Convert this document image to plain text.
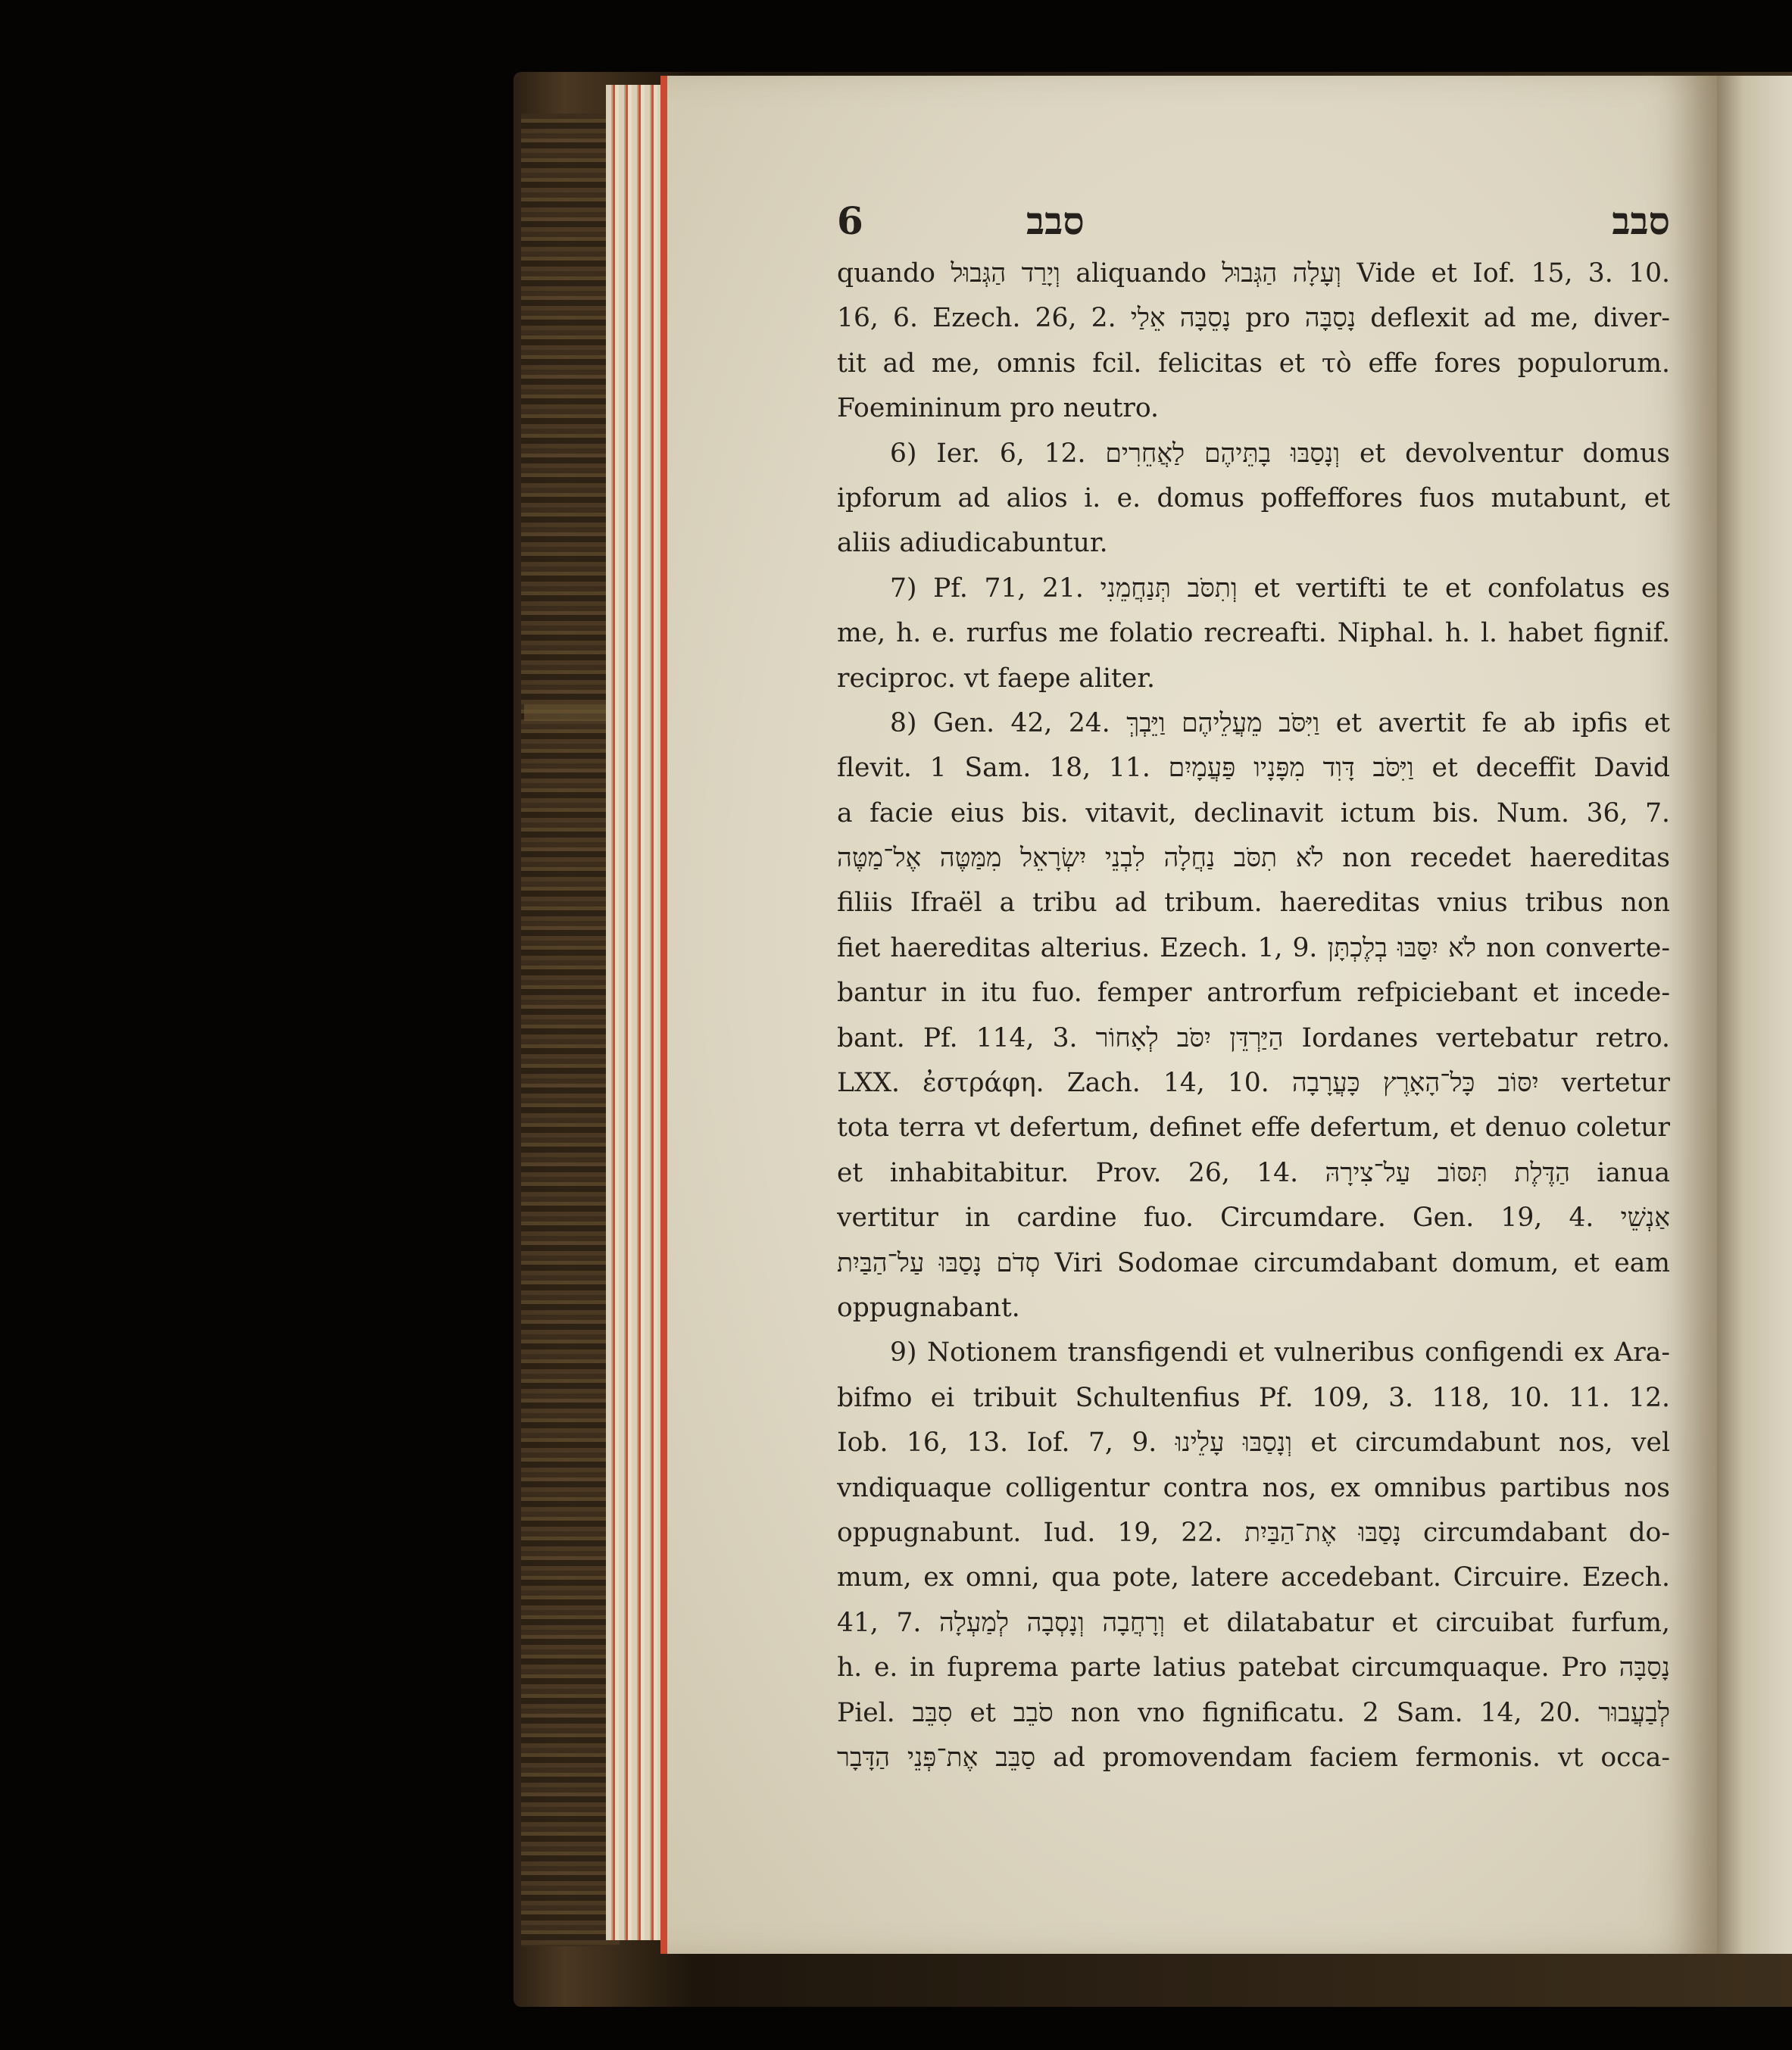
6	סבב	סבב
quando וְיָרַד הַגְּבוּל aliquando וְעָלָה הַגְּבוּל Vide et Iof. 15, 3. 10.
16, 6. Ezech. 26, 2. נָסֵבָּה אֵלַי pro נָסַבָּה deflexit ad me, diver-
tit ad me, omnis fcil. felicitas et τὸ effe fores populorum.
Foemininum pro neutro.
6) Ier. 6, 12. וְנָסַבּוּ בָתֵּיהֶם לַאֲחֵרִים et devolventur domus
ipforum ad alios i. e. domus poffeffores fuos mutabunt, et
aliis adiudicabuntur.
7) Pf. 71, 21. וְתִסֹּב תְּנַחֲמֵנִי et vertifti te et confolatus es
me, h. e. rurfus me folatio recreafti. Niphal. h. l. habet fignif.
reciproc. vt faepe aliter.
8) Gen. 42, 24. וַיִּסֹּב מֵעֲלֵיהֶם וַיֵּבְךְּ et avertit fe ab ipfis et
flevit. 1 Sam. 18, 11. וַיִּסֹּב דָּוִד מִפָּנָיו פַּעֲמָיִם et deceffit David
a facie eius bis. vitavit, declinavit ictum bis. Num. 36, 7.
לֹא תִסֹּב נַחֲלָה לִבְנֵי יִשְׂרָאֵל מִמַּטֶּה אֶל־מַטֶּה non recedet haereditas
filiis Ifraël a tribu ad tribum. haereditas vnius tribus non
fiet haereditas alterius. Ezech. 1, 9. לֹא יִסַּבּוּ בְלֶכְתָּן non converte-
bantur in itu fuo. femper antrorfum refpiciebant et incede-
bant. Pf. 114, 3. הַיַּרְדֵּן יִסֹּב לְאָחוֹר Iordanes vertebatur retro.
LXX. ἐστράφη. Zach. 14, 10. יִסּוֹב כָּל־הָאָרֶץ כָּעֲרָבָה vertetur
tota terra vt defertum, definet effe defertum, et denuo coletur
et inhabitabitur. Prov. 26, 14. הַדֶּלֶת תִּסּוֹב עַל־צִירָהּ ianua
vertitur in cardine fuo. Circumdare. Gen. 19, 4. אַנְשֵׁי
סְדֹם נָסַבּוּ עַל־הַבַּיִת Viri Sodomae circumdabant domum, et eam
oppugnabant.
9) Notionem transfigendi et vulneribus configendi ex Ara-
bifmo ei tribuit Schultenfius Pf. 109, 3. 118, 10. 11. 12.
Iob. 16, 13. Iof. 7, 9. וְנָסַבּוּ עָלֵינוּ et circumdabunt nos, vel
vndiquaque colligentur contra nos, ex omnibus partibus nos
oppugnabunt. Iud. 19, 22. נָסַבּוּ אֶת־הַבַּיִת circumdabant do-
mum, ex omni, qua pote, latere accedebant. Circuire. Ezech.
41, 7. וְרָחֲבָה וְנָסְבָה לְמַעְלָה et dilatabatur et circuibat furfum,
h. e. in fuprema parte latius patebat circumquaque. Pro נָסַבָּה
Piel. סִבֵּב et סֹבֵב non vno fignificatu. 2 Sam. 14, 20. לְבַעֲבוּר
סַבֵּב אֶת־פְּנֵי הַדָּבָר ad promovendam faciem fermonis. vt occa-
